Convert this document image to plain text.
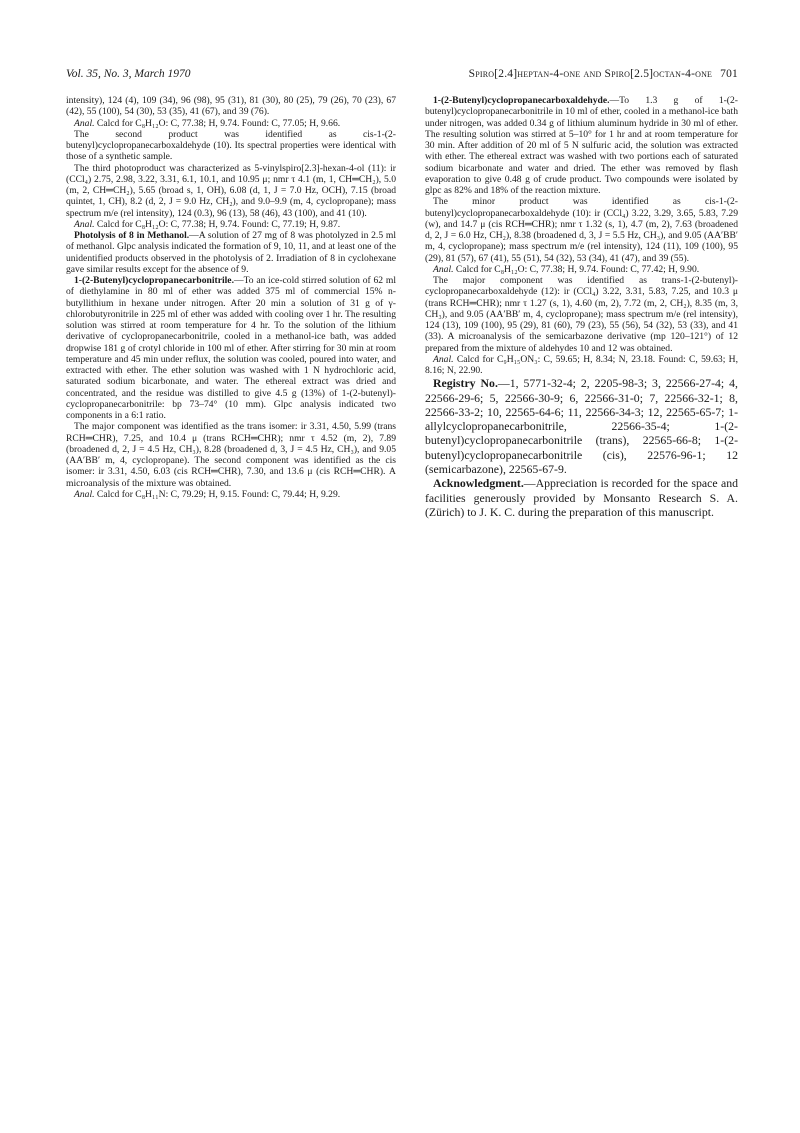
Vol. 35, No. 3, March 1970	Spiro[2.4]heptan-4-one and Spiro[2.5]octan-4-one 701

intensity), 124 (4), 109 (34), 96 (98), 95 (31), 81 (30), 80 (25), 79 (26), 70 (23), 67 (42), 55 (100), 54 (30), 53 (35), 41 (67), and 39 (76).

Anal. Calcd for C₈H₁₂O: C, 77.38; H, 9.74. Found: C, 77.05; H, 9.66.

The second product was identified as cis-1-(2-butenyl)cyclopropanecarboxaldehyde (10). Its spectral properties were identical with those of a synthetic sample.

The third photoproduct was characterized as 5-vinylspiro[2.3]-hexan-4-ol (11): ir (CCl₄) 2.75, 2.98, 3.22, 3.31, 6.1, 10.1, and 10.95 μ; nmr τ 4.1 (m, 1, CH═CH₂), 5.0 (m, 2, CH═CH₂), 5.65 (broad s, 1, OH), 6.08 (d, 1, J = 7.0 Hz, OCH), 7.15 (broad quintet, 1, CH), 8.2 (d, 2, J = 9.0 Hz, CH₂), and 9.0–9.9 (m, 4, cyclopropane); mass spectrum m/e (rel intensity), 124 (0.3), 96 (13), 58 (46), 43 (100), and 41 (10).

Anal. Calcd for C₈H₁₂O: C, 77.38; H, 9.74. Found: C, 77.19; H, 9.87.

Photolysis of 8 in Methanol.—A solution of 27 mg of 8 was photolyzed in 2.5 ml of methanol. Glpc analysis indicated the formation of 9, 10, 11, and at least one of the unidentified products observed in the photolysis of 2. Irradiation of 8 in cyclohexane gave similar results except for the absence of 9.

1-(2-Butenyl)cyclopropanecarbonitrile.—To an ice-cold stirred solution of 62 ml of diethylamine in 80 ml of ether was added 375 ml of commercial 15% n-butyllithium in hexane under nitrogen. After 20 min a solution of 31 g of γ-chlorobutyronitrile in 225 ml of ether was added with cooling over 1 hr. The resulting solution was stirred at room temperature for 4 hr. To the solution of the lithium derivative of cyclopropanecarbonitrile, cooled in a methanol-ice bath, was added dropwise 181 g of crotyl chloride in 100 ml of ether. After stirring for 30 min at room temperature and 45 min under reflux, the solution was cooled, poured into water, and extracted with ether. The ether solution was washed with 1 N hydrochloric acid, saturated sodium bicarbonate, and water. The ethereal extract was dried and concentrated, and the residue was distilled to give 4.5 g (13%) of 1-(2-butenyl)-cyclopropanecarbonitrile: bp 73–74° (10 mm). Glpc analysis indicated two components in a 6:1 ratio.

The major component was identified as the trans isomer: ir 3.31, 4.50, 5.99 (trans RCH═CHR), 7.25, and 10.4 μ (trans RCH═CHR); nmr τ 4.52 (m, 2), 7.89 (broadened d, 2, J = 4.5 Hz, CH₃), 8.28 (broadened d, 3, J = 4.5 Hz, CH₃), and 9.05 (AA′BB′ m, 4, cyclopropane). The second component was identified as the cis isomer: ir 3.31, 4.50, 6.03 (cis RCH═CHR), 7.30, and 13.6 μ (cis RCH═CHR). A microanalysis of the mixture was obtained.

Anal. Calcd for C₈H₁₁N: C, 79.29; H, 9.15. Found: C, 79.44; H, 9.29.

1-(2-Butenyl)cyclopropanecarboxaldehyde.—To 1.3 g of 1-(2-butenyl)cyclopropanecarbonitrile in 10 ml of ether, cooled in a methanol-ice bath under nitrogen, was added 0.34 g of lithium aluminum hydride in 30 ml of ether. The resulting solution was stirred at 5–10° for 1 hr and at room temperature for 30 min. After addition of 20 ml of 5 N sulfuric acid, the solution was extracted with ether. The ethereal extract was washed with two portions each of saturated sodium bicarbonate and water and dried. The ether was removed by flash evaporation to give 0.48 g of crude product. Two compounds were isolated by glpc as 82% and 18% of the reaction mixture.

The minor product was identified as cis-1-(2-butenyl)cyclopropanecarboxaldehyde (10): ir (CCl₄) 3.22, 3.29, 3.65, 5.83, 7.29 (w), and 14.7 μ (cis RCH═CHR); nmr τ 1.32 (s, 1), 4.7 (m, 2), 7.63 (broadened d, 2, J = 6.0 Hz, CH₂), 8.38 (broadened d, 3, J = 5.5 Hz, CH₃), and 9.05 (AA′BB′ m, 4, cyclopropane); mass spectrum m/e (rel intensity), 124 (11), 109 (100), 95 (29), 81 (57), 67 (41), 55 (51), 54 (32), 53 (34), 41 (47), and 39 (55).

Anal. Calcd for C₈H₁₂O: C, 77.38; H, 9.74. Found: C, 77.42; H, 9.90.

The major component was identified as trans-1-(2-butenyl)-cyclopropanecarboxaldehyde (12): ir (CCl₄) 3.22, 3.31, 5.83, 7.25, and 10.3 μ (trans RCH═CHR); nmr τ 1.27 (s, 1), 4.60 (m, 2), 7.72 (m, 2, CH₂), 8.35 (m, 3, CH₃), and 9.05 (AA′BB′ m, 4, cyclopropane); mass spectrum m/e (rel intensity), 124 (13), 109 (100), 95 (29), 81 (60), 79 (23), 55 (56), 54 (32), 53 (33), and 41 (33). A microanalysis of the semicarbazone derivative (mp 120–121°) of 12 prepared from the mixture of aldehydes 10 and 12 was obtained.

Anal. Calcd for C₉H₁₅ON₃: C, 59.65; H, 8.34; N, 23.18. Found: C, 59.63; H, 8.16; N, 22.90.

Registry No.—1, 5771-32-4; 2, 2205-98-3; 3, 22566-27-4; 4, 22566-29-6; 5, 22566-30-9; 6, 22566-31-0; 7, 22566-32-1; 8, 22566-33-2; 10, 22565-64-6; 11, 22566-34-3; 12, 22565-65-7; 1-allylcyclopropanecarbonitrile, 22566-35-4; 1-(2-butenyl)cyclopropanecarbonitrile (trans), 22565-66-8; 1-(2-butenyl)cyclopropanecarbonitrile (cis), 22576-96-1; 12 (semicarbazone), 22565-67-9.

Acknowledgment.—Appreciation is recorded for the space and facilities generously provided by Monsanto Research S. A. (Zürich) to J. K. C. during the preparation of this manuscript.
